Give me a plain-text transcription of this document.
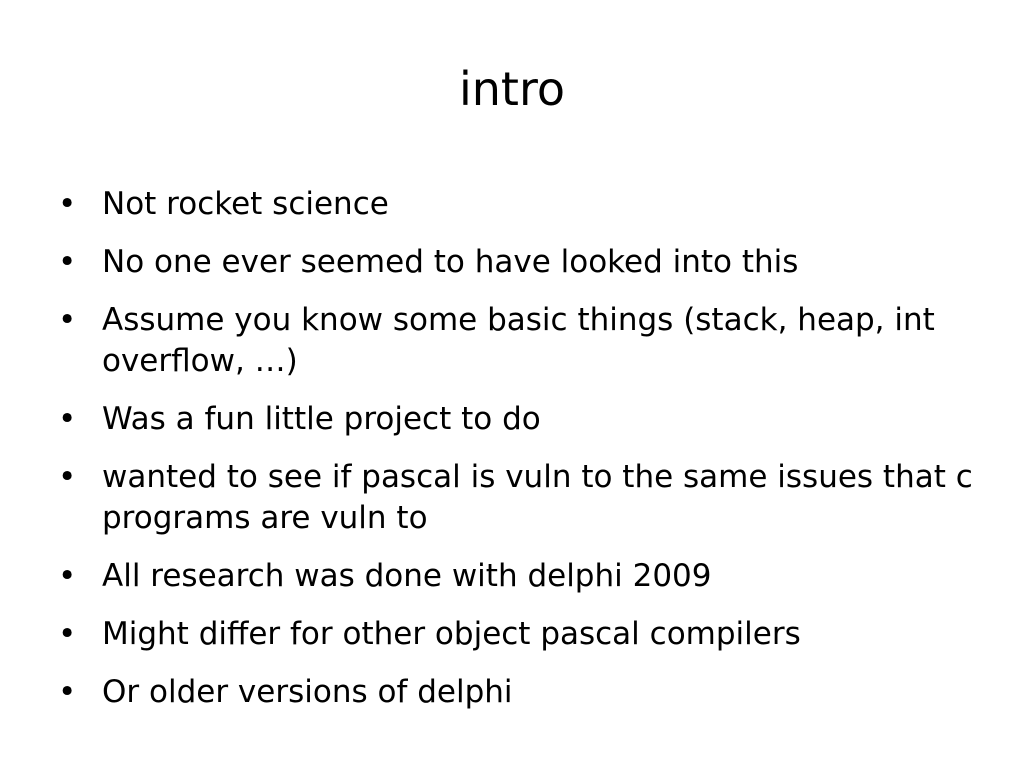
intro
• Not rocket science
• No one ever seemed to have looked into this
• Assume you know some basic things (stack, heap, int overflow, …)
• Was a fun little project to do
• wanted to see if pascal is vuln to the same issues that c programs are vuln to
• All research was done with delphi 2009
• Might differ for other object pascal compilers
• Or older versions of delphi
